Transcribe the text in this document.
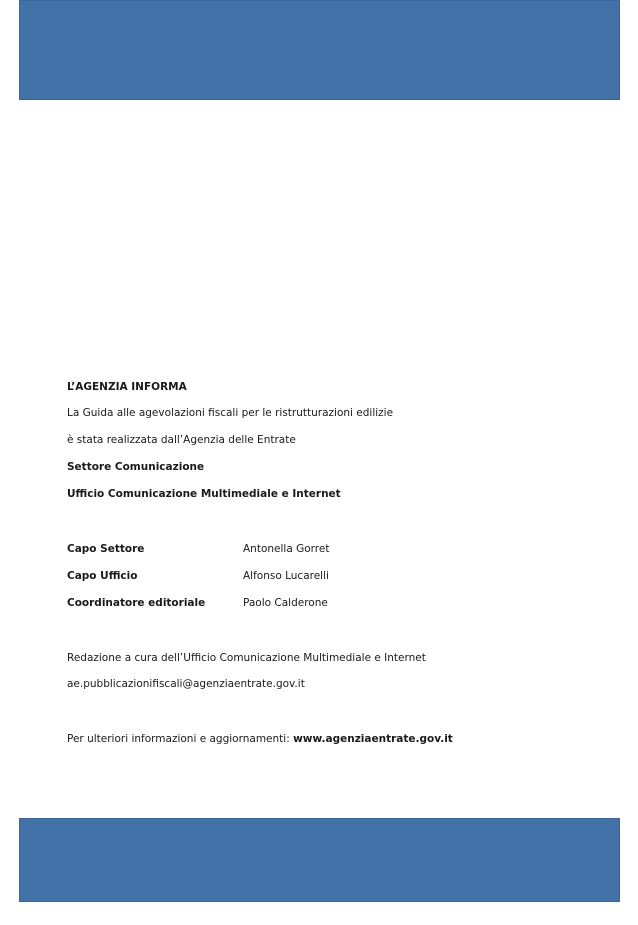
L’AGENZIA INFORMA
La Guida alle agevolazioni fiscali per le ristrutturazioni edilizie
è stata realizzata dall’Agenzia delle Entrate
Settore Comunicazione
Ufficio Comunicazione Multimediale e Internet
Capo Settore	Antonella Gorret
Capo Ufficio	Alfonso Lucarelli
Coordinatore editoriale	Paolo Calderone
Redazione a cura dell’Ufficio Comunicazione Multimediale e Internet
ae.pubblicazionifiscali@agenziaentrate.gov.it
Per ulteriori informazioni e aggiornamenti: www.agenziaentrate.gov.it
